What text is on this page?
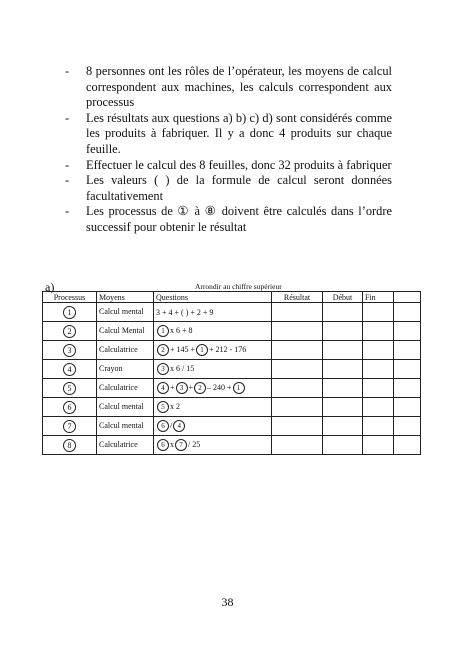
- 8 personnes ont les rôles de l’opérateur, les moyens de calcul correspondent aux machines, les calculs correspondent aux processus
- Les résultats aux questions a) b) c) d) sont considérés comme les produits à fabriquer. Il y a donc 4 produits sur chaque feuille.
- Effectuer le calcul des 8 feuilles, donc 32 produits à fabriquer
- Les valeurs ( ) de la formule de calcul seront données facultativement
- Les processus de ① à ⑧ doivent être calculés dans l’ordre successif pour obtenir le résultat
a)	Arrondir au chiffre supérieur
Processus	Moyens	Questions	Résultat	Début	Fin	
1	Calcul mental	3 + 4 + ( ) + 2 + 9				
2	Calcul Mental	1 x 6 + 8				
3	Calculatrice	2 + 145 + 1 + 212 - 176				
4	Crayon	3 x 6 / 15				
5	Calculatrice	4 + 3 + 2 – 240 + 1				
6	Calcul mental	5 x 2				
7	Calcul mental	6 / 4				
8	Calculatrice	6 x 7 / 25				
38
